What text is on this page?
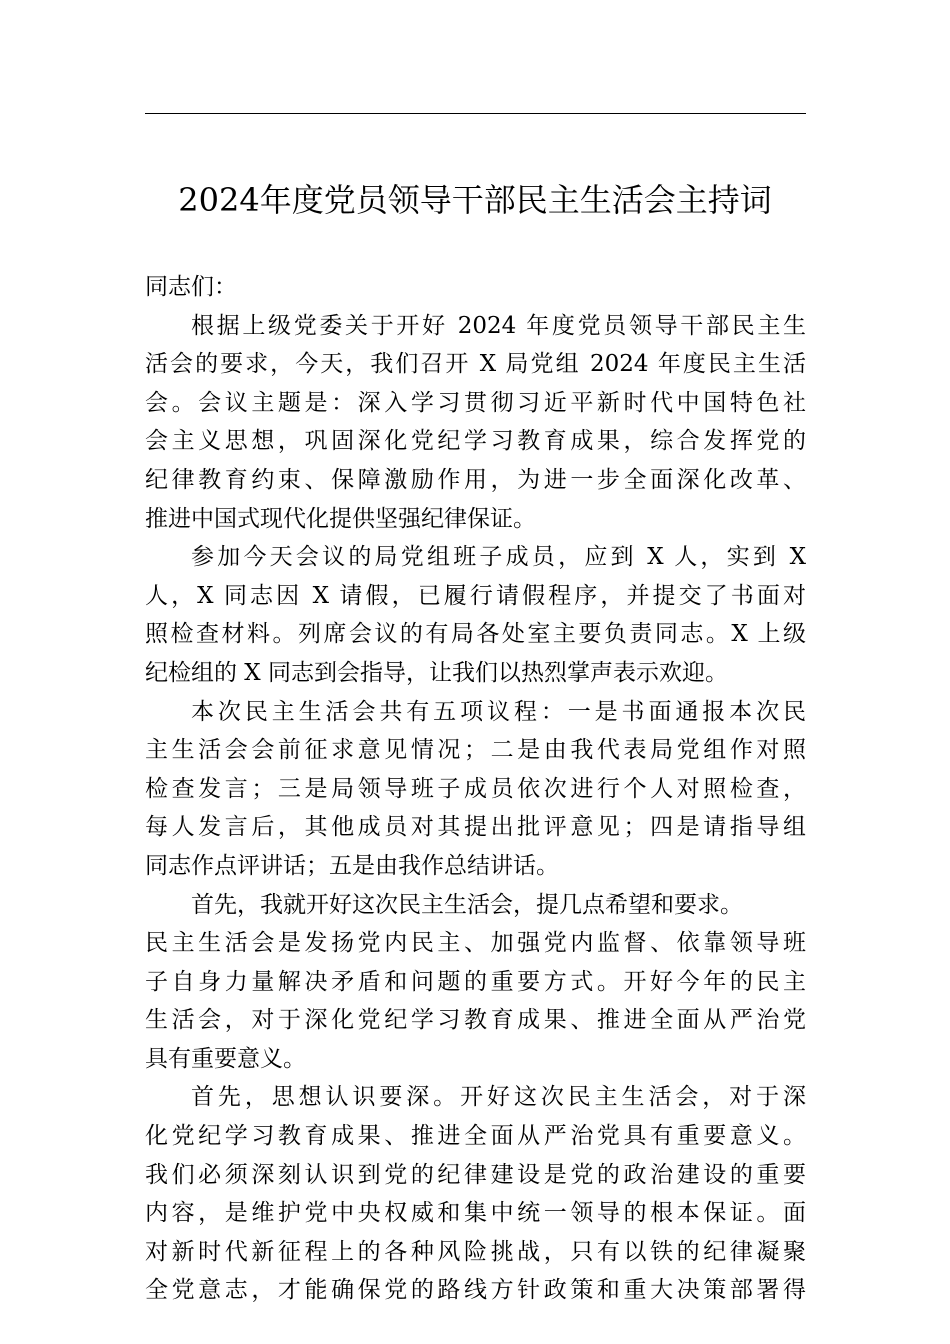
2024年度党员领导干部民主生活会主持词

同志们：

根据上级党委关于开好 2024 年度党员领导干部民主生
活会的要求，今天，我们召开 X 局党组 2024 年度民主生活
会。会议主题是：深入学习贯彻习近平新时代中国特色社
会主义思想，巩固深化党纪学习教育成果，综合发挥党的
纪律教育约束、保障激励作用，为进一步全面深化改革、
推进中国式现代化提供坚强纪律保证。
参加今天会议的局党组班子成员，应到 X 人，实到 X
人，X 同志因 X 请假，已履行请假程序，并提交了书面对
照检查材料。列席会议的有局各处室主要负责同志。X 上级
纪检组的 X 同志到会指导，让我们以热烈掌声表示欢迎。
本次民主生活会共有五项议程：一是书面通报本次民
主生活会会前征求意见情况；二是由我代表局党组作对照
检查发言；三是局领导班子成员依次进行个人对照检查，
每人发言后，其他成员对其提出批评意见；四是请指导组
同志作点评讲话；五是由我作总结讲话。
首先，我就开好这次民主生活会，提几点希望和要求。
民主生活会是发扬党内民主、加强党内监督、依靠领导班
子自身力量解决矛盾和问题的重要方式。开好今年的民主
生活会，对于深化党纪学习教育成果、推进全面从严治党
具有重要意义。
首先，思想认识要深。开好这次民主生活会，对于深
化党纪学习教育成果、推进全面从严治党具有重要意义。
我们必须深刻认识到党的纪律建设是党的政治建设的重要
内容，是维护党中央权威和集中统一领导的根本保证。面
对新时代新征程上的各种风险挑战，只有以铁的纪律凝聚
全党意志，才能确保党的路线方针政策和重大决策部署得
